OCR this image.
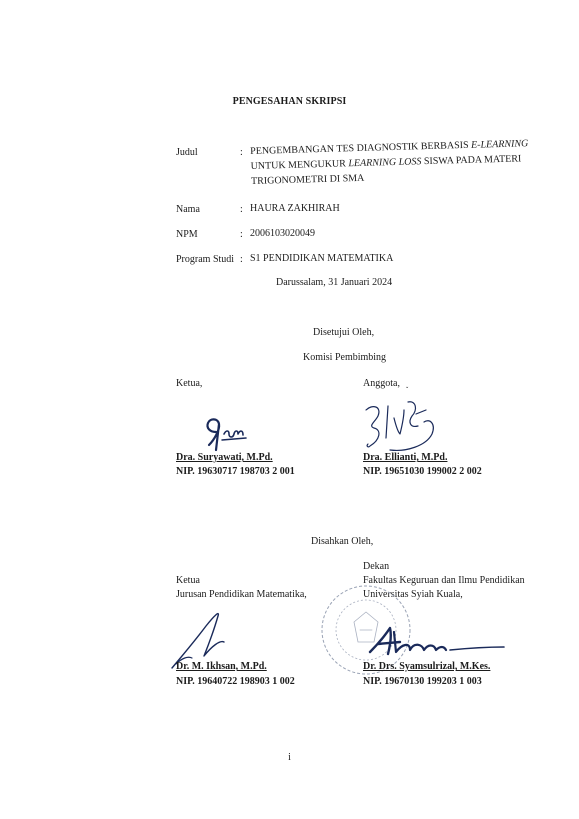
PENGESAHAN SKRIPSI
Judul	: PENGEMBANGAN TES DIAGNOSTIK BERBASIS E-LEARNING
UNTUK MENGUKUR LEARNING LOSS SISWA PADA MATERI
TRIGONOMETRI DI SMA
Nama	: HAURA ZAKHIRAH
NPM	: 2006103020049
Program Studi : S1 PENDIDIKAN MATEMATIKA
Darussalam, 31 Januari 2024
Disetujui Oleh,
Komisi Pembimbing
Ketua,	Anggota, ˯
Dra. Suryawati, M.Pd.
NIP. 19630717 198703 2 001
Dra. Ellianti, M.Pd.
NIP. 19651030 199002 2 002
Disahkan Oleh,
Dekan
Ketua	Fakultas Keguruan dan Ilmu Pendidikan
Jurusan Pendidikan Matematika,	Universitas Syiah Kuala,
Dr. M. Ikhsan, M.Pd.
NIP. 19640722 198903 1 002
Dr. Drs. Syamsulrizal, M.Kes.
NIP. 19670130 199203 1 003
i
